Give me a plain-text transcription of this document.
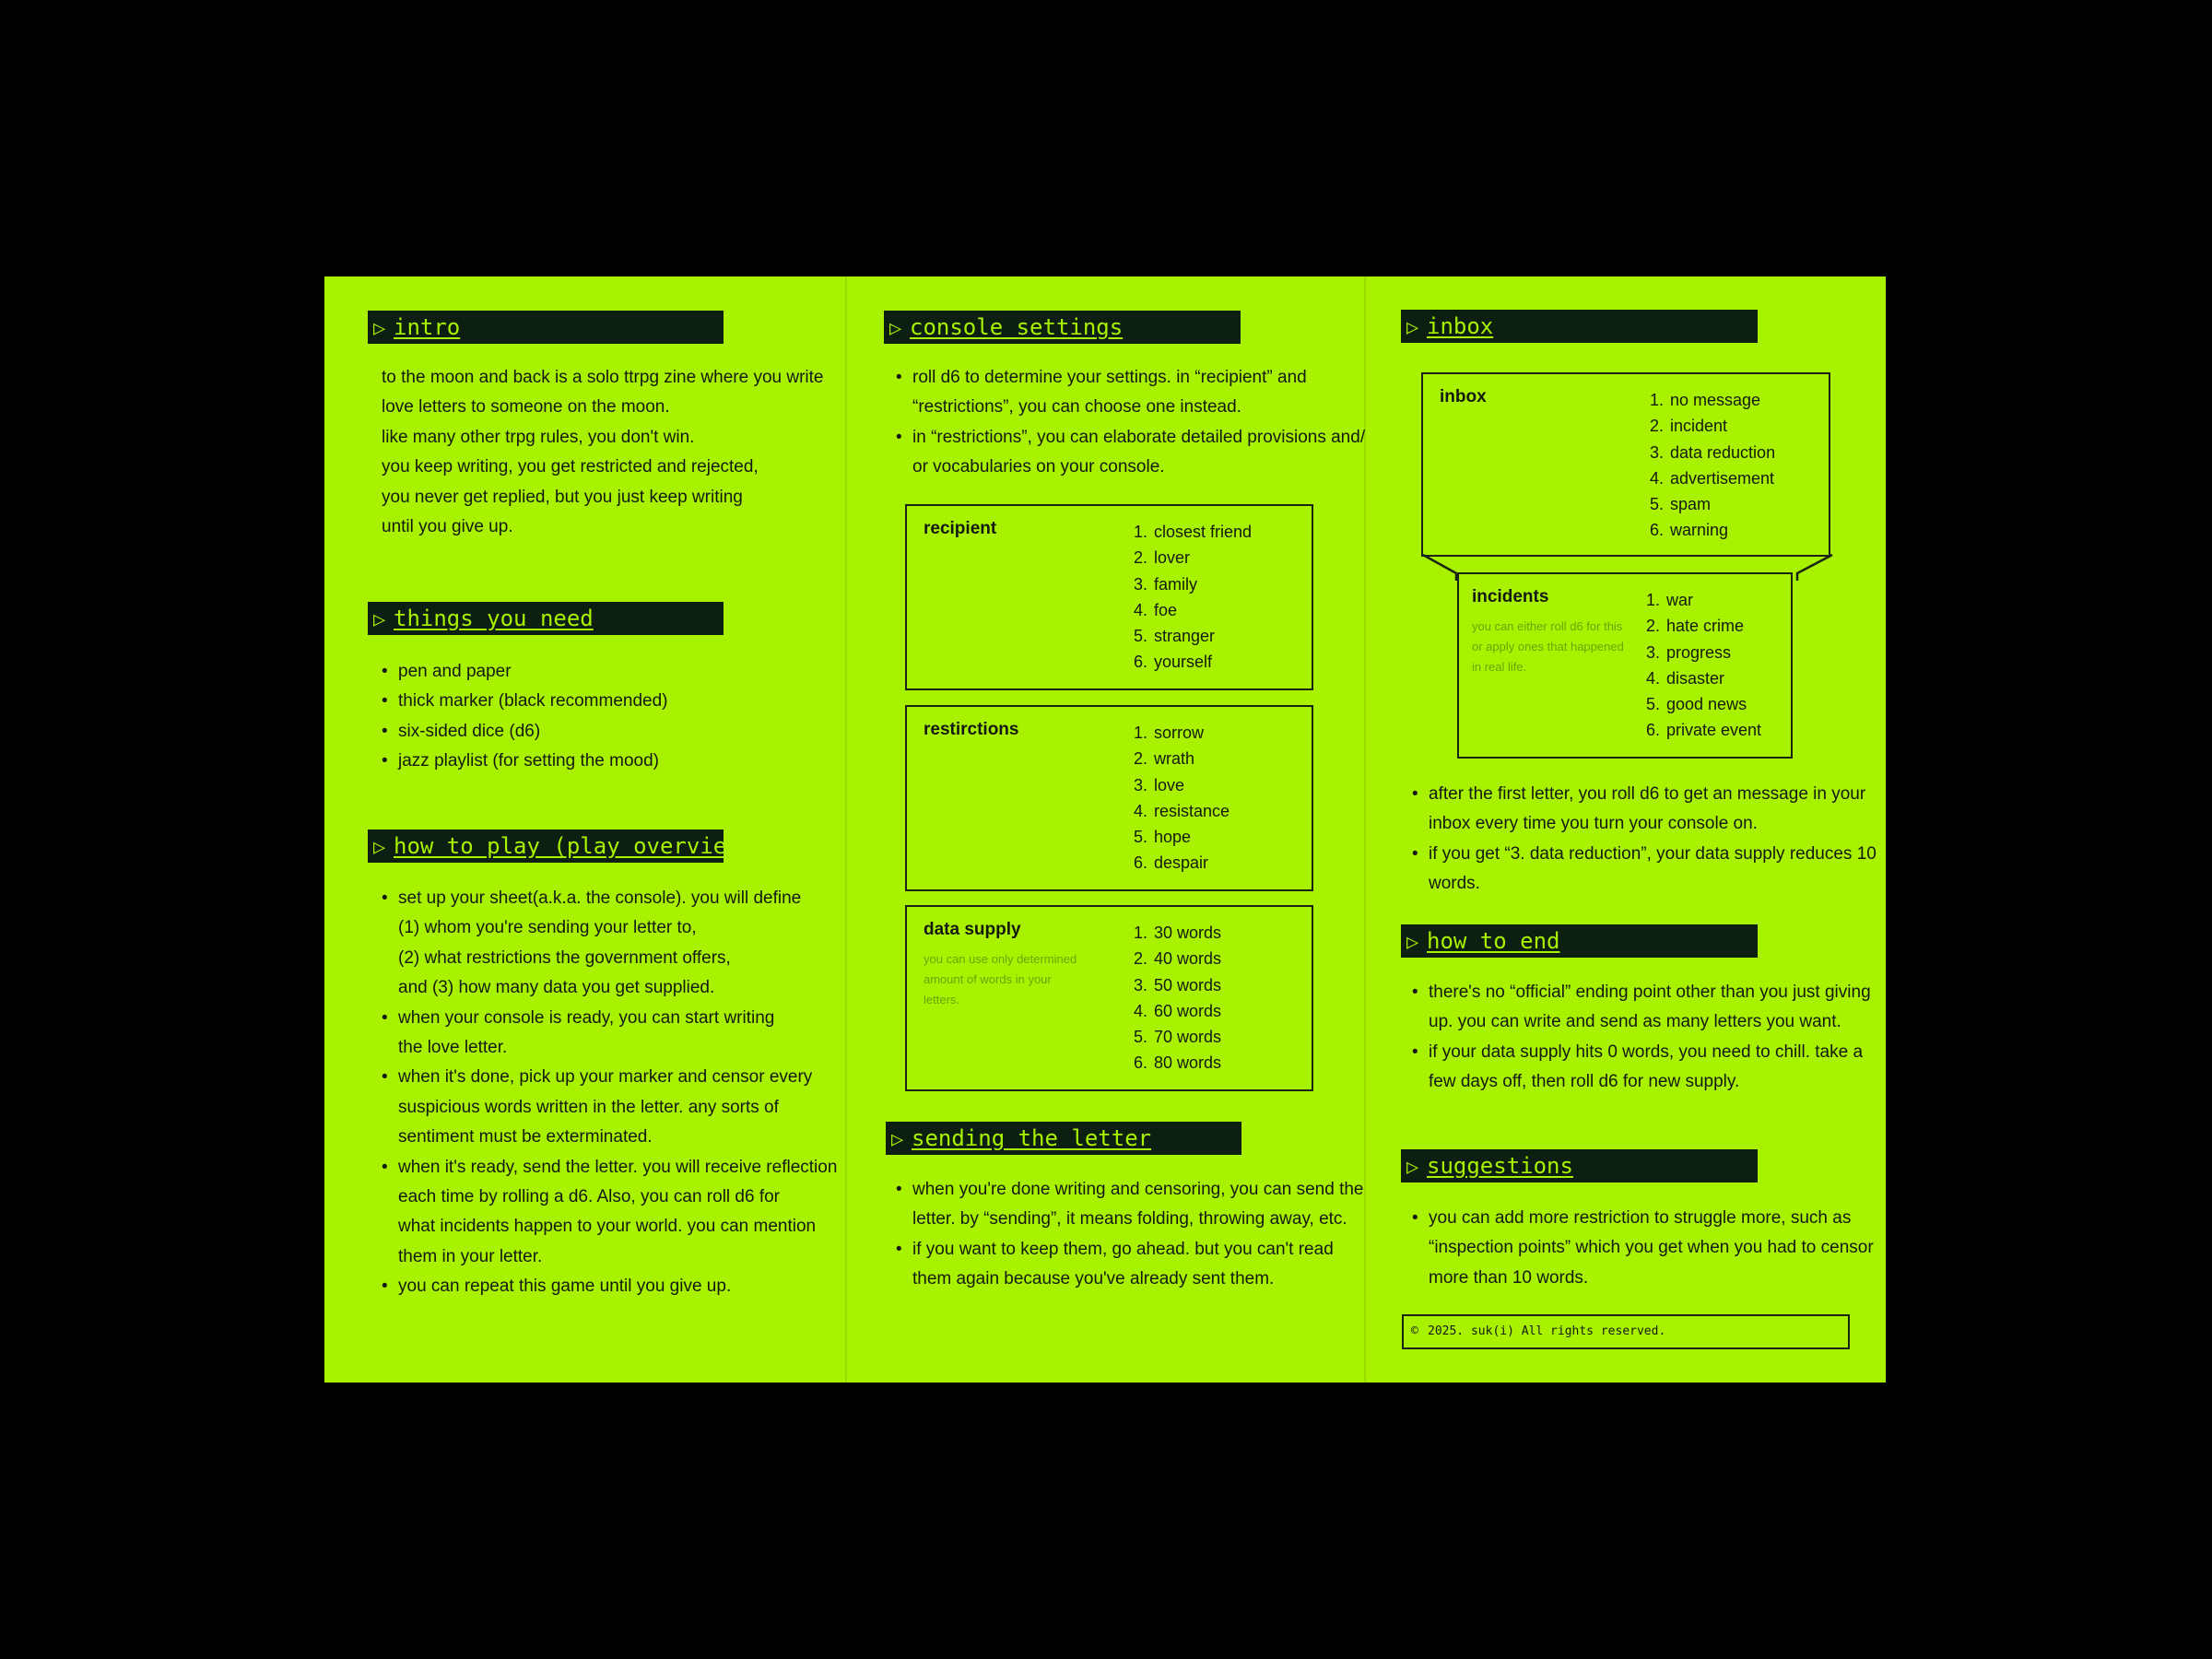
▷ intro

to the moon and back is a solo ttrpg zine where you write

love letters to someone on the moon.

like many other trpg rules, you don't win.

you keep writing, you get restricted and rejected,

you never get replied, but you just keep writing

until you give up.

▷ things you need
• pen and paper
• thick marker (black recommended)
• six-sided dice (d6)
• jazz playlist (for setting the mood)
▷ how to play (play overview)
• set up your sheet(a.k.a. the console). you will define
(1) whom you're sending your letter to,
(2) what restrictions the government offers,
and (3) how many data you get supplied.
• when your console is ready, you can start writing
the love letter.
• when it's done, pick up your marker and censor every
suspicious words written in the letter. any sorts of
sentiment must be exterminated.
• when it's ready, send the letter. you will receive reflection
each time by rolling a d6. Also, you can roll d6 for
what incidents happen to your world. you can mention
them in your letter.
• you can repeat this game until you give up.
▷ console settings
• roll d6 to determine your settings. in “recipient” and
“restrictions”, you can choose one instead.
• in “restrictions”, you can elaborate detailed provisions and/
or vocabularies on your console.
recipient	1. closest friend
2. lover
3. family
4. foe
5. stranger
6. yourself
restirctions	1. sorrow
2. wrath
3. love
4. resistance
5. hope
6. despair
data supply
you can use only determined amount of words in your letters.
1. 30 words
2. 40 words
3. 50 words
4. 60 words
5. 70 words
6. 80 words
▷ sending the letter
• when you're done writing and censoring, you can send the
letter. by “sending”, it means folding, throwing away, etc.
• if you want to keep them, go ahead. but you can't read
them again because you've already sent them.
▷ inbox
inbox	1. no message
2. incident
3. data reduction
4. advertisement
5. spam
6. warning
incidents
you can either roll d6 for this or apply ones that happened in real life.
1. war
2. hate crime
3. progress
4. disaster
5. good news
6. private event
• after the first letter, you roll d6 to get an message in your
inbox every time you turn your console on.
• if you get “3. data reduction”, your data supply reduces 10
words.
▷ how to end
• there's no “official” ending point other than you just giving
up. you can write and send as many letters you want.
• if your data supply hits 0 words, you need to chill. take a
few days off, then roll d6 for new supply.
▷ suggestions
• you can add more restriction to struggle more, such as
“inspection points” which you get when you had to censor
more than 10 words.
© 2025. suk(i) All rights reserved.
